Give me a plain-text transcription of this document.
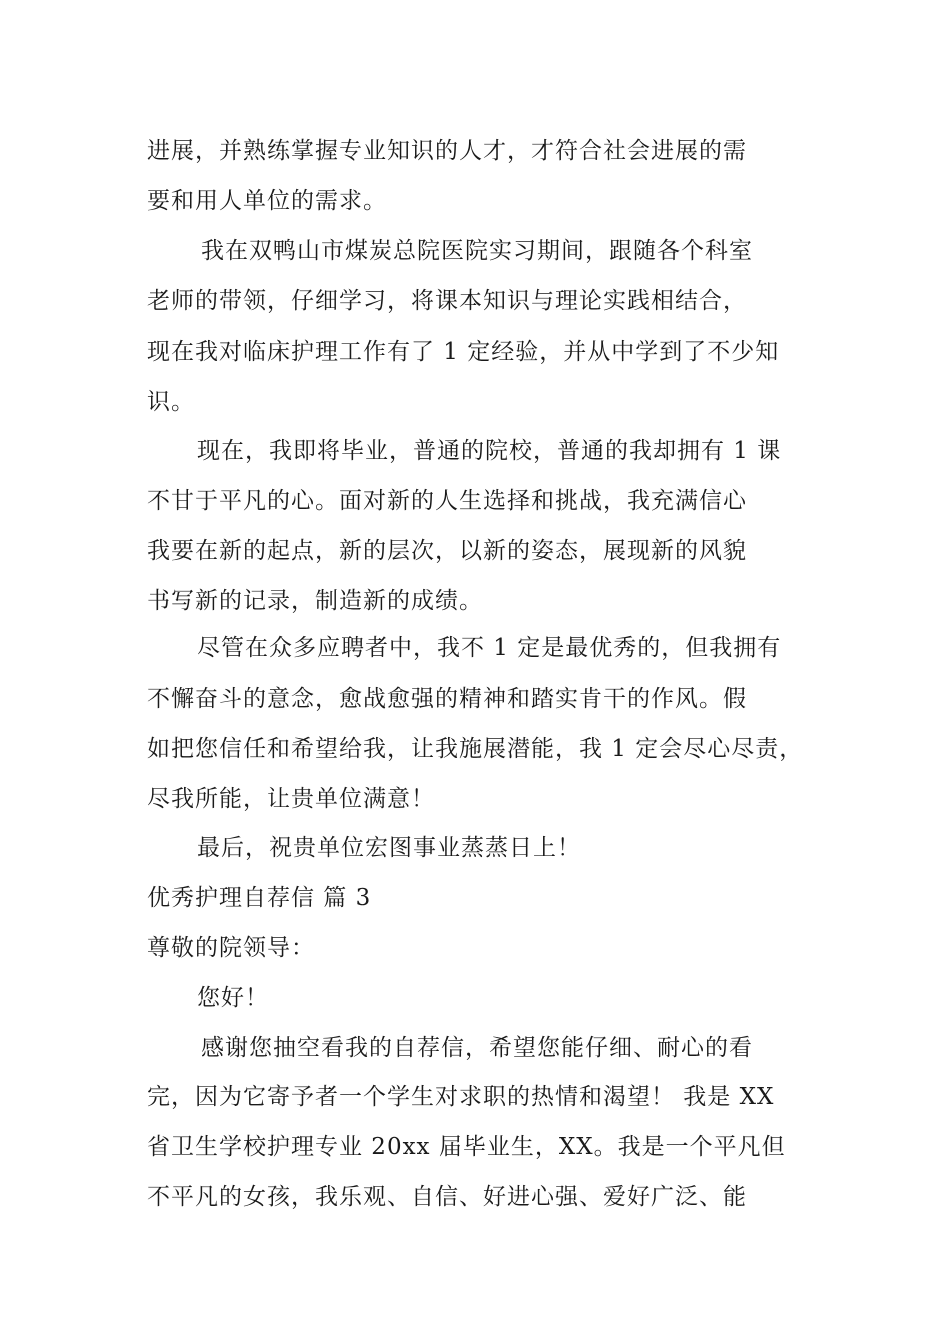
进展，并熟练掌握专业知识的人才，才符合社会进展的需
要和用人单位的需求。
我在双鸭山市煤炭总院医院实习期间，跟随各个科室
老师的带领，仔细学习，将课本知识与理论实践相结合，
现在我对临床护理工作有了 1 定经验，并从中学到了不少知
识。
现在，我即将毕业，普通的院校，普通的我却拥有 1 课
不甘于平凡的心。面对新的人生选择和挑战，我充满信心
我要在新的起点，新的层次，以新的姿态，展现新的风貌
书写新的记录，制造新的成绩。
尽管在众多应聘者中，我不 1 定是最优秀的，但我拥有
不懈奋斗的意念，愈战愈强的精神和踏实肯干的作风。假
如把您信任和希望给我，让我施展潜能，我 1 定会尽心尽责，
尽我所能，让贵单位满意！
最后，祝贵单位宏图事业蒸蒸日上！
优秀护理自荐信 篇 3
尊敬的院领导：
您好！
感谢您抽空看我的自荐信，希望您能仔细、耐心的看
完，因为它寄予者一个学生对求职的热情和渴望！ 我是 XX
省卫生学校护理专业 20xx 届毕业生，XX。我是一个平凡但
不平凡的女孩，我乐观、自信、好进心强、爱好广泛、能
